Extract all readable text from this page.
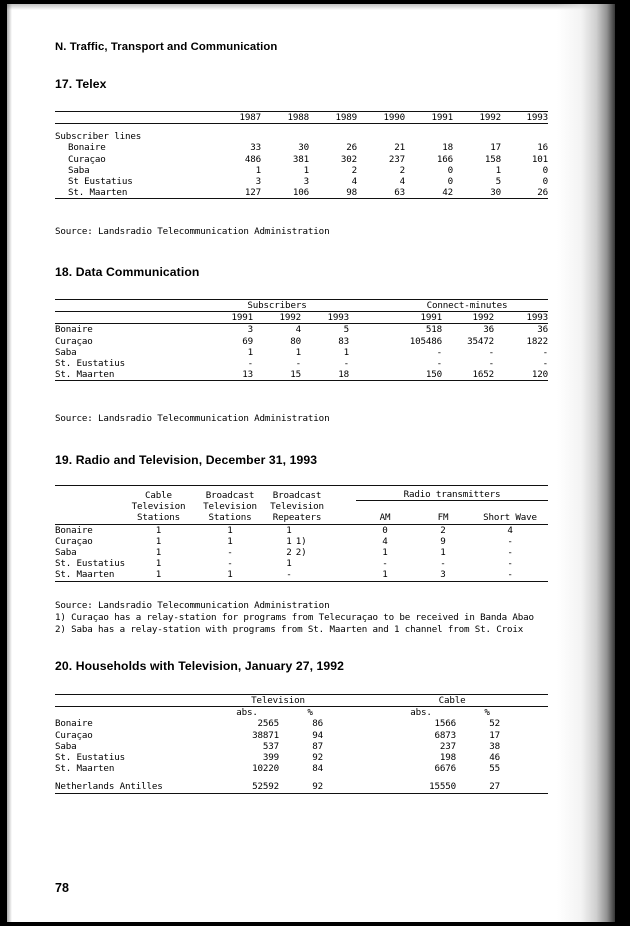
N. Traffic, Transport and Communication
17. Telex
	1987	1988	1989	1990	1991	1992	1993

Subscriber lines							
Bonaire	33	30	26	21	18	17	16
Curaçao	486	381	302	237	166	158	101
Saba	1	1	2	2	0	1	0
St Eustatius	3	3	4	4	0	5	0
St. Maarten	127	106	98	63	42	30	26

Source: Landsradio Telecommunication Administration
18. Data Communication
	Subscribers				Connect-minutes		
	1991	1992	1993		1991	1992	1993
Bonaire	3	4	5		518	36	36
Curaçao	69	80	83		105486	35472	1822
Saba	1	1	1		-	-	-
St. Eustatius	-	-	-		-	-	-
St. Maarten	13	15	18		150	1652	120

Source: Landsradio Telecommunication Administration
19. Radio and Television, December 31, 1993
	Cable	Broadcast	Broadcast		Radio transmitters		
	Television	Television	Television				
	Stations	Stations	Repeaters		AM	FM	Short Wave
Bonaire	1	1	1		0	2	4
Curaçao	1	1	1 1)		4	9	-
Saba	1	-	2 2)		1	1	-
St. Eustatius	1	-	1		-	-	-
St. Maarten	1	1	-		1	3	-

Source: Landsradio Telecommunication Administration
1) Curaçao has a relay-station for programs from Telecuraçao to be received in Banda Abao
2) Saba has a relay-station with programs from St. Maarten and 1 channel from St. Croix
20. Households with Television, January 27, 1992
	Television			Cable		
	abs.	%		abs.	%	
Bonaire	2565	86		1566	52	
Curaçao	38871	94		6873	17	
Saba	537	87		237	38	
St. Eustatius	399	92		198	46	
St. Maarten	10220	84		6676	55	

Netherlands Antilles	52592	92		15550	27	

78
